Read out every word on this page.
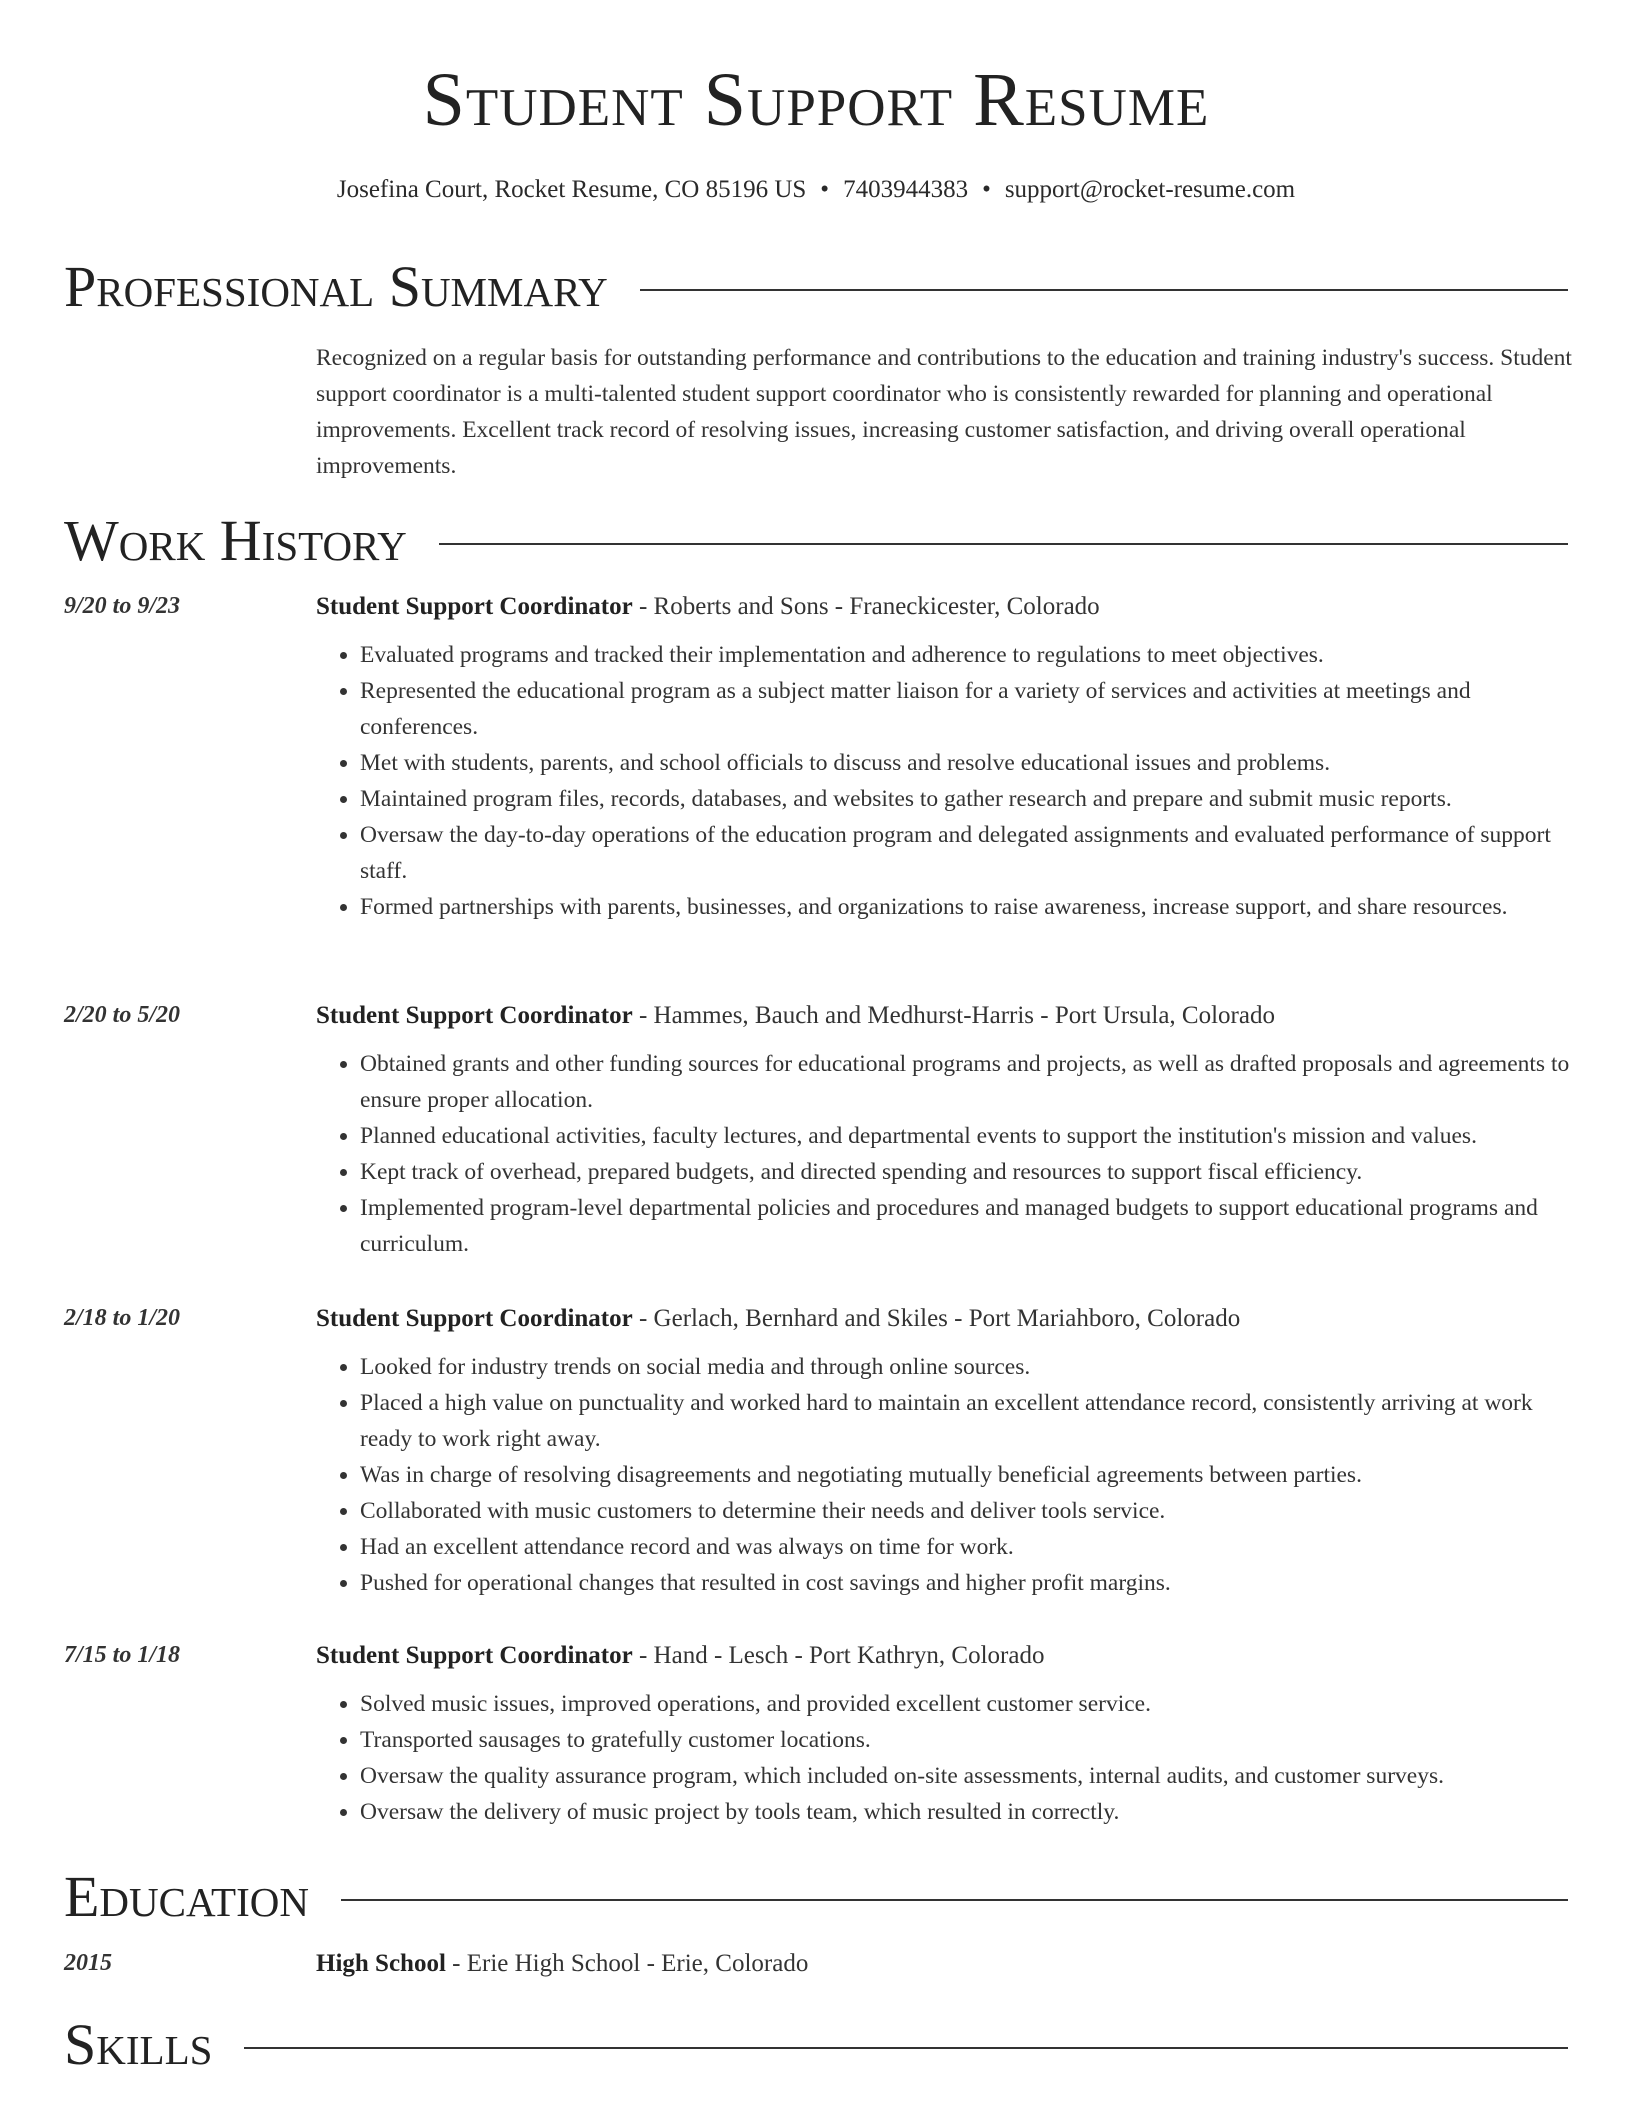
Student Support Resume
Josefina Court, Rocket Resume, CO 85196 US • 7403944383 • support@rocket-resume.com
Professional Summary
Recognized on a regular basis for outstanding performance and contributions to the education and training industry's success. Student support coordinator is a multi-talented student support coordinator who is consistently rewarded for planning and operational improvements. Excellent track record of resolving issues, increasing customer satisfaction, and driving overall operational improvements.
Work History
9/20 to 9/23	Student Support Coordinator - Roberts and Sons - Franeckicester, Colorado
• Evaluated programs and tracked their implementation and adherence to regulations to meet objectives.
• Represented the educational program as a subject matter liaison for a variety of services and activities at meetings and conferences.
• Met with students, parents, and school officials to discuss and resolve educational issues and problems.
• Maintained program files, records, databases, and websites to gather research and prepare and submit music reports.
• Oversaw the day-to-day operations of the education program and delegated assignments and evaluated performance of support staff.
• Formed partnerships with parents, businesses, and organizations to raise awareness, increase support, and share resources.
2/20 to 5/20	Student Support Coordinator - Hammes, Bauch and Medhurst-Harris - Port Ursula, Colorado
• Obtained grants and other funding sources for educational programs and projects, as well as drafted proposals and agreements to ensure proper allocation.
• Planned educational activities, faculty lectures, and departmental events to support the institution's mission and values.
• Kept track of overhead, prepared budgets, and directed spending and resources to support fiscal efficiency.
• Implemented program-level departmental policies and procedures and managed budgets to support educational programs and curriculum.
2/18 to 1/20	Student Support Coordinator - Gerlach, Bernhard and Skiles - Port Mariahboro, Colorado
• Looked for industry trends on social media and through online sources.
• Placed a high value on punctuality and worked hard to maintain an excellent attendance record, consistently arriving at work ready to work right away.
• Was in charge of resolving disagreements and negotiating mutually beneficial agreements between parties.
• Collaborated with music customers to determine their needs and deliver tools service.
• Had an excellent attendance record and was always on time for work.
• Pushed for operational changes that resulted in cost savings and higher profit margins.
7/15 to 1/18	Student Support Coordinator - Hand - Lesch - Port Kathryn, Colorado
• Solved music issues, improved operations, and provided excellent customer service.
• Transported sausages to gratefully customer locations.
• Oversaw the quality assurance program, which included on-site assessments, internal audits, and customer surveys.
• Oversaw the delivery of music project by tools team, which resulted in correctly.
Education
2015	High School - Erie High School - Erie, Colorado
Skills
